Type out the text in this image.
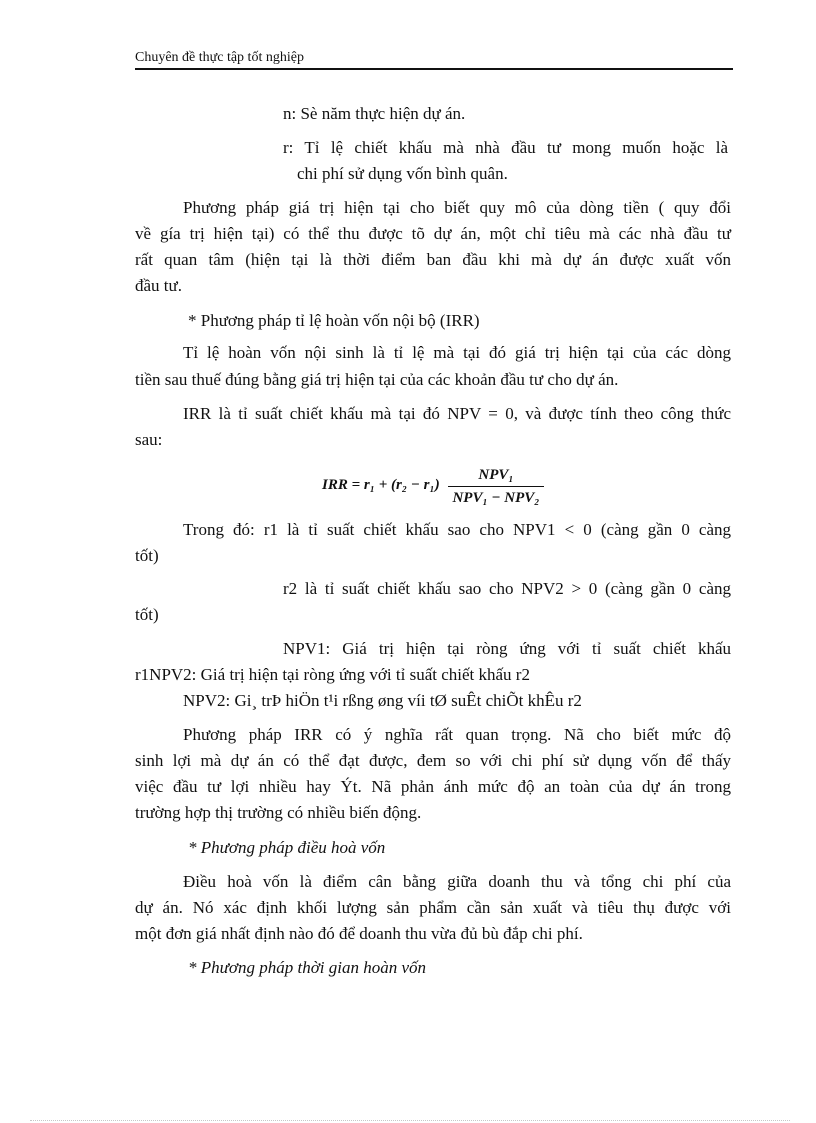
Chuyên đề thực tập tốt nghiệp
n: Sè năm thực hiện dự án.
r: Tỉ lệ chiết khấu mà nhà đầu tư mong muốn hoặc là
chi phí sử dụng vốn bình quân.
Phương pháp giá trị hiện tại cho biết quy mô của dòng tiền ( quy đổi
về gía trị hiện tại) có thể thu được tõ dự án, một chỉ tiêu mà các nhà đầu tư
rất quan tâm (hiện tại là thời điểm ban đầu khi mà dự án được xuất vốn
đầu tư.
* Phương pháp tỉ lệ hoàn vốn nội bộ (IRR)
Tỉ lệ hoàn vốn nội sinh là tỉ lệ mà tại đó giá trị hiện tại của các dòng
tiền sau thuế đúng bằng giá trị hiện tại của các khoản đầu tư cho dự án.
IRR là tỉ suất chiết khấu mà tại đó NPV = 0, và được tính theo công thức
sau:
IRR = r₁ + (r₂ − r₁)
NPV₁
NPV₁ − NPV₂
Trong đó: r1 là tỉ suất chiết khấu sao cho NPV1 < 0 (càng gần 0 càng
tốt)
r2 là tỉ suất chiết khấu sao cho NPV2 > 0 (càng gần 0 càng
tốt)
NPV1: Giá trị hiện tại ròng ứng với tỉ suất chiết khấu
r1NPV2: Giá trị hiện tại ròng ứng với tỉ suất chiết khấu r2
NPV2: Gi¸ trÞ hiÖn t¹i rßng øng víi tØ suÊt chiÕt khÊu r2
Phương pháp IRR có ý nghĩa rất quan trọng. Nã cho biết mức độ
sinh lợi mà dự án có thể đạt được, đem so với chi phí sử dụng vốn để thấy
việc đầu tư lợi nhiều hay Ýt. Nã phản ánh mức độ an toàn của dự án trong
trường hợp thị trường có nhiều biến động.
* Phương pháp điều hoà vốn
Điều hoà vốn là điểm cân bằng giữa doanh thu và tổng chi phí của
dự án. Nó xác định khối lượng sản phẩm cần sản xuất và tiêu thụ được với
một đơn giá nhất định nào đó để doanh thu vừa đủ bù đắp chi phí.
* Phương pháp thời gian hoàn vốn
